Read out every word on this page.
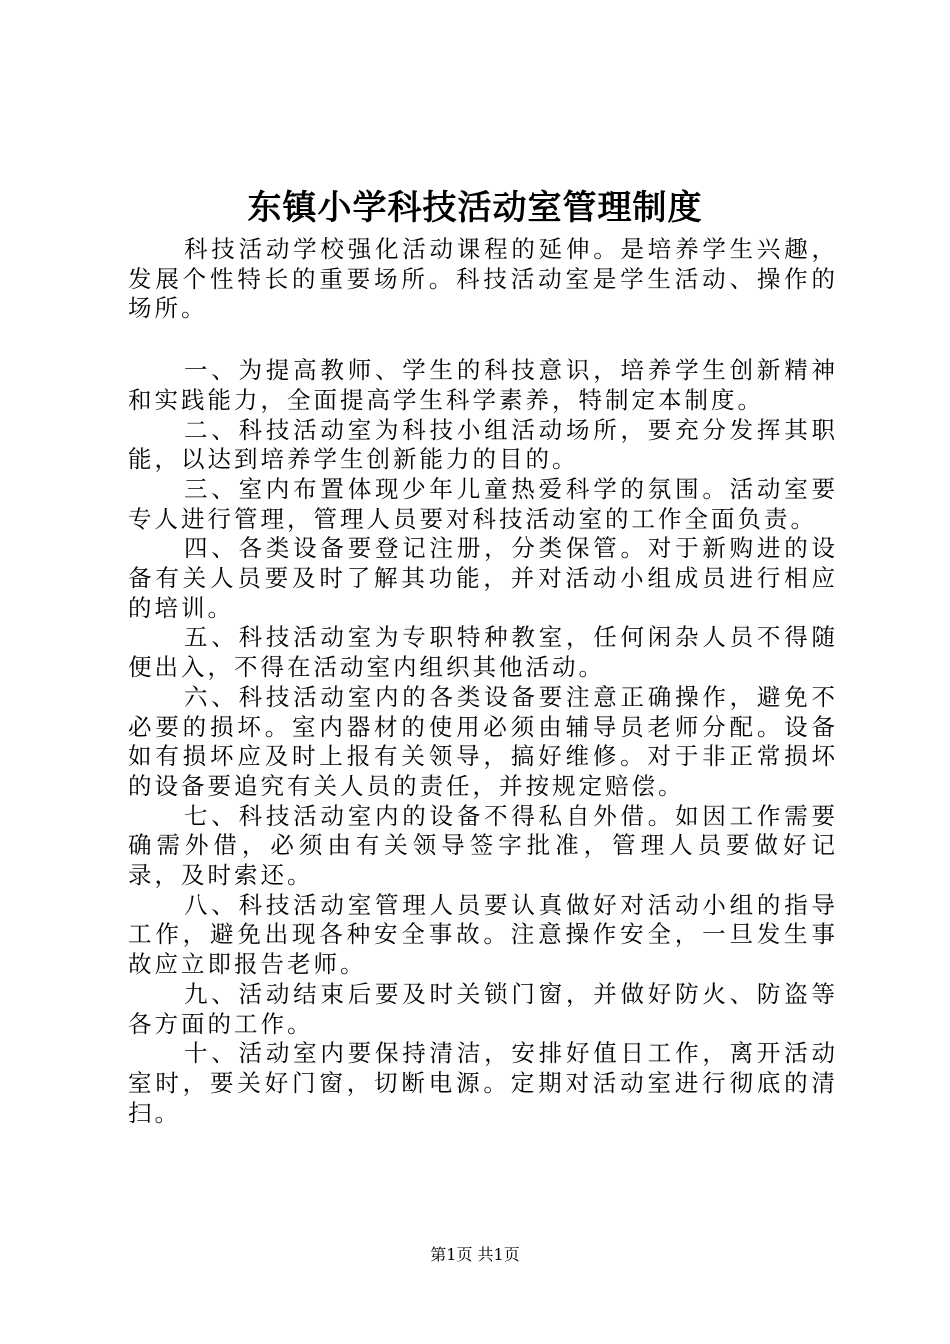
东镇小学科技活动室管理制度

科技活动学校强化活动课程的延伸。是培养学生兴趣，发展个性特长的重要场所。科技活动室是学生活动、操作的场所。

一、为提高教师、学生的科技意识，培养学生创新精神和实践能力，全面提高学生科学素养，特制定本制度。

二、科技活动室为科技小组活动场所，要充分发挥其职能，以达到培养学生创新能力的目的。

三、室内布置体现少年儿童热爱科学的氛围。活动室要专人进行管理，管理人员要对科技活动室的工作全面负责。

四、各类设备要登记注册，分类保管。对于新购进的设备有关人员要及时了解其功能，并对活动小组成员进行相应的培训。

五、科技活动室为专职特种教室，任何闲杂人员不得随便出入，不得在活动室内组织其他活动。

六、科技活动室内的各类设备要注意正确操作，避免不必要的损坏。室内器材的使用必须由辅导员老师分配。设备如有损坏应及时上报有关领导，搞好维修。对于非正常损坏的设备要追究有关人员的责任，并按规定赔偿。

七、科技活动室内的设备不得私自外借。如因工作需要确需外借，必须由有关领导签字批准，管理人员要做好记录，及时索还。

八、科技活动室管理人员要认真做好对活动小组的指导工作，避免出现各种安全事故。注意操作安全，一旦发生事故应立即报告老师。

九、活动结束后要及时关锁门窗，并做好防火、防盗等各方面的工作。

十、活动室内要保持清洁，安排好值日工作，离开活动室时，要关好门窗，切断电源。定期对活动室进行彻底的清扫。

第1页 共1页
